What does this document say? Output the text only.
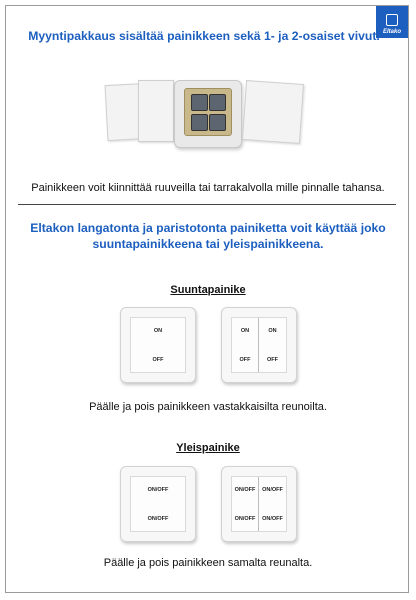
Eltako
Myyntipakkaus sisältää painikkeen sekä 1- ja 2-osaiset vivut.
Painikkeen voit kiinnittää ruuveilla tai tarrakalvolla mille pinnalle tahansa.
Eltakon langatonta ja paristotonta painiketta voit käyttää joko suuntapainikkeena tai yleispainikkeena.
Suuntapainike
ON
OFF
ON
OFF
ON
OFF
Päälle ja pois painikkeen vastakkaisilta reunoilta.
Yleispainike
ON/OFF
ON/OFF
ON/OFF
ON/OFF
ON/OFF
ON/OFF
Päälle ja pois painikkeen samalta reunalta.
